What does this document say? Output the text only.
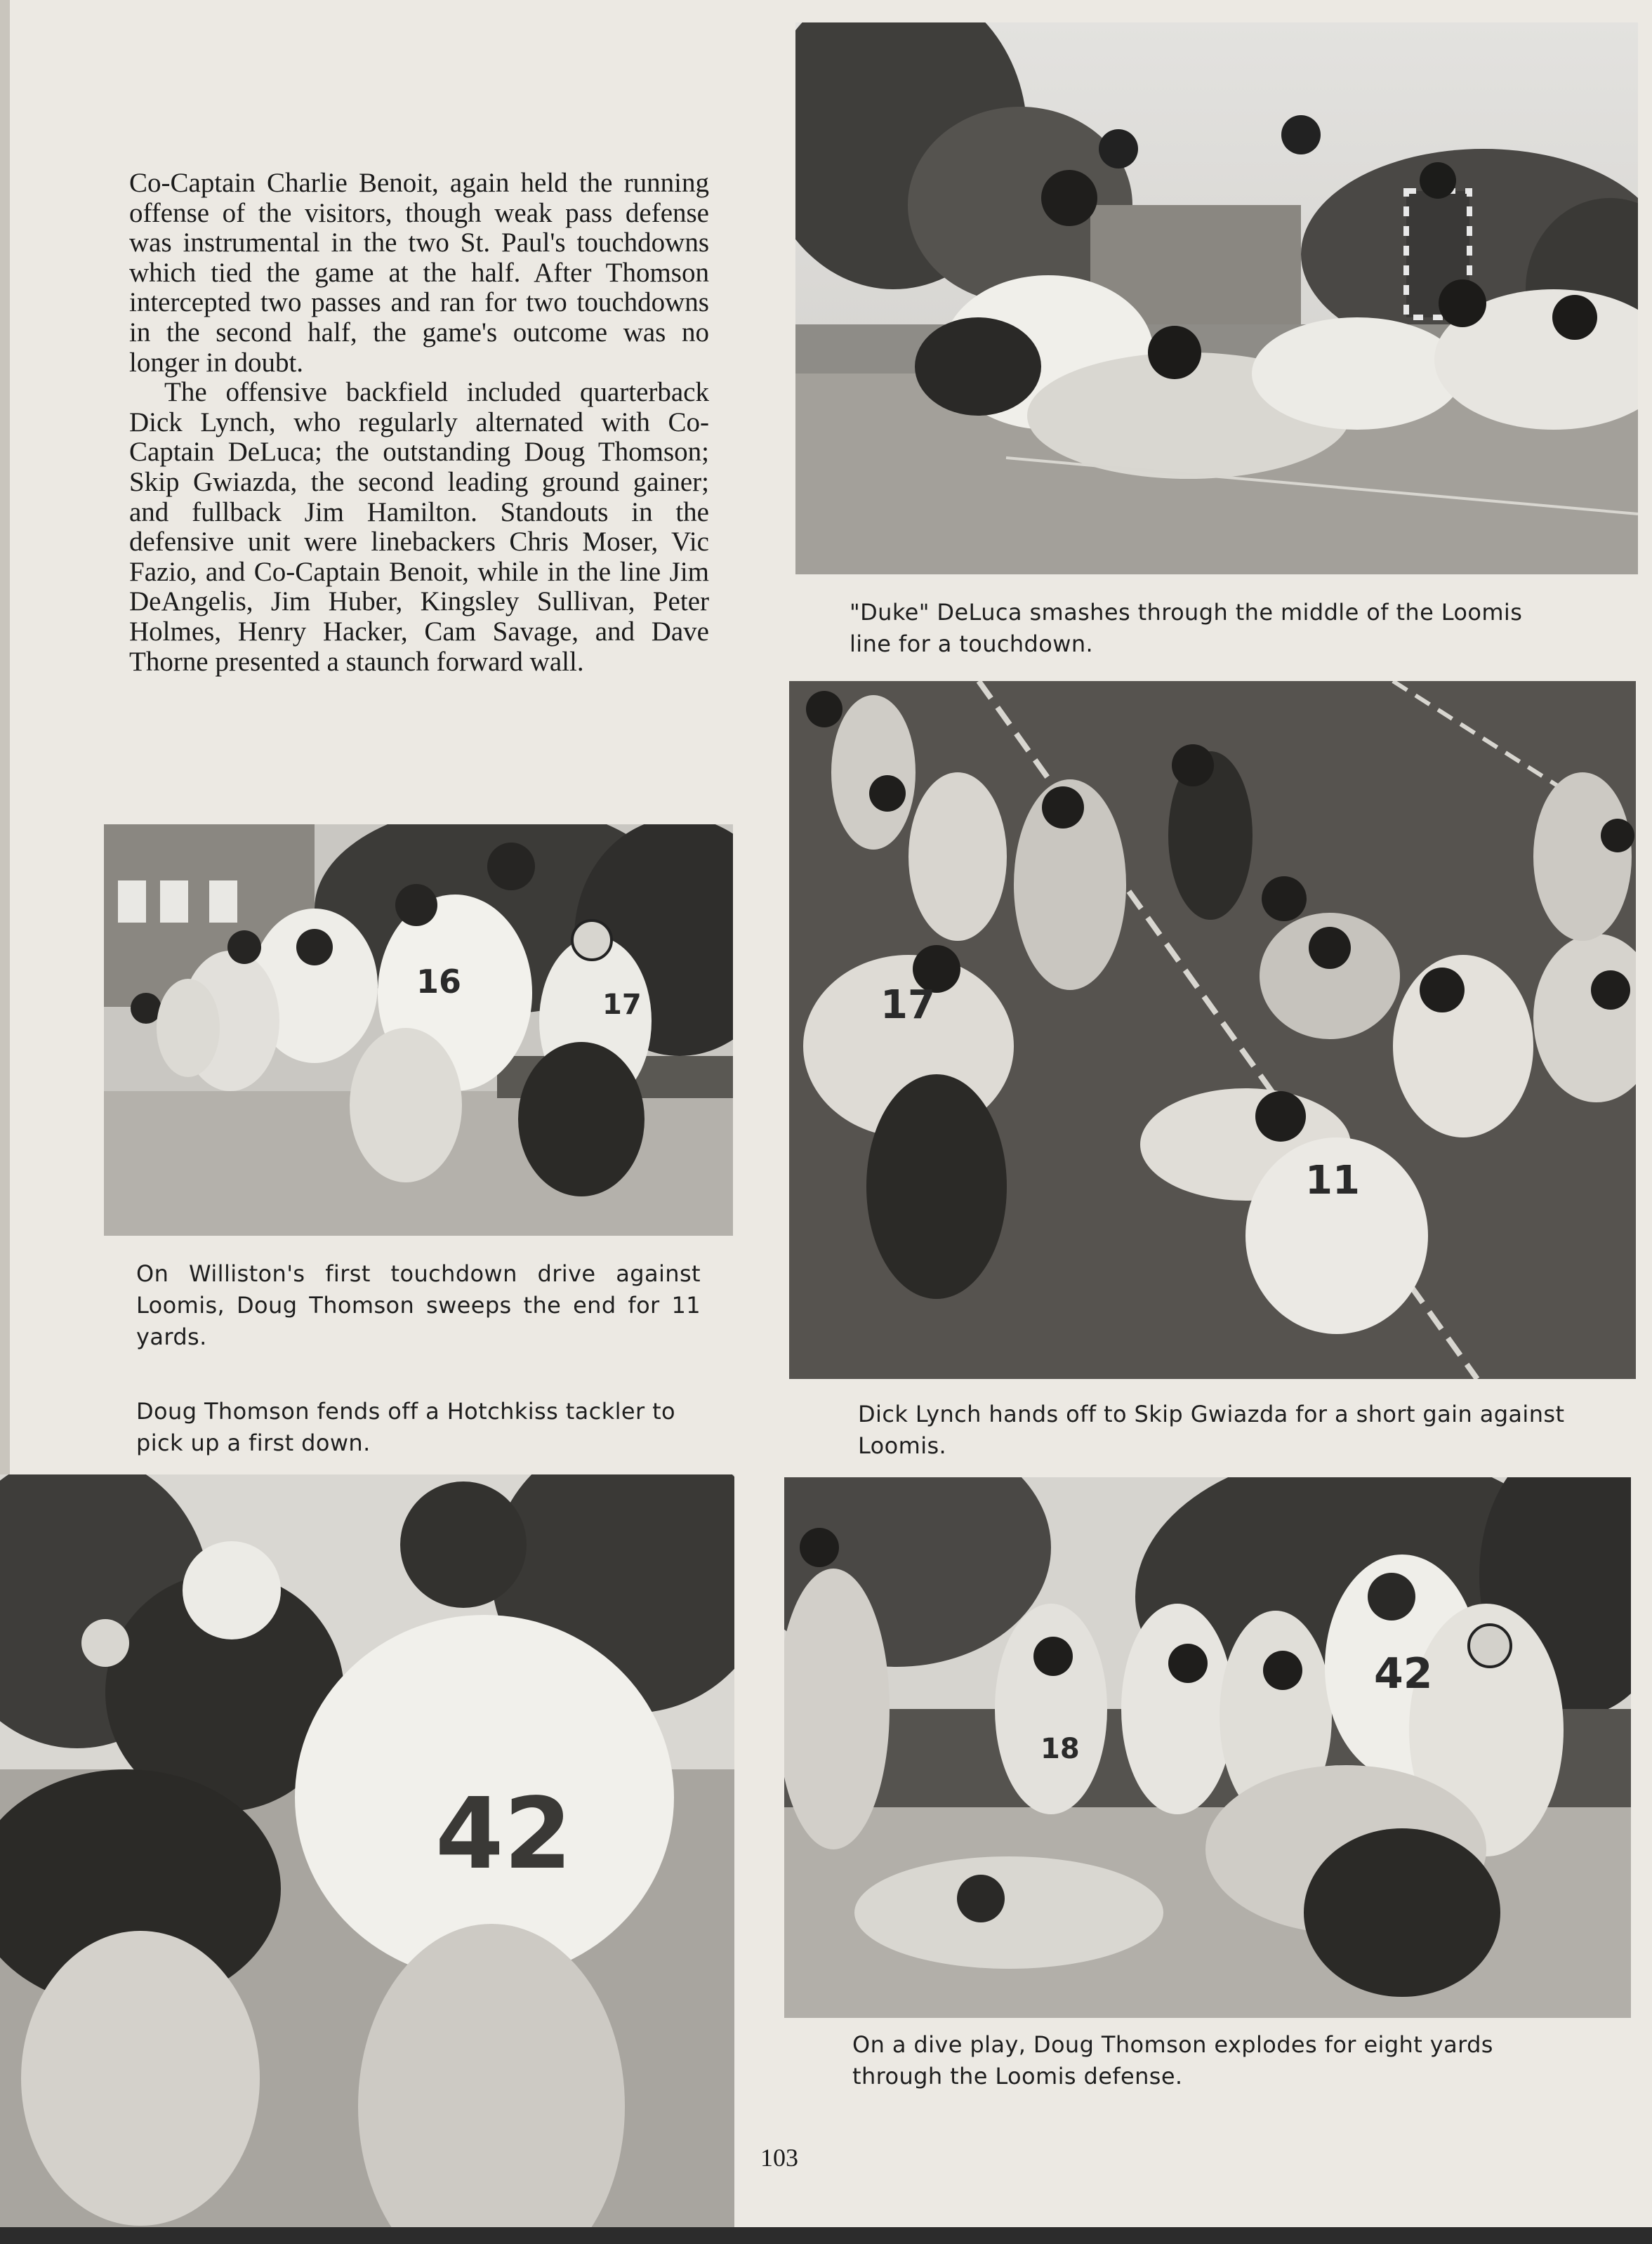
Co-Captain Charlie Benoit, again held the running offense of the visitors, though weak pass defense was instrumental in the two St. Paul's touchdowns which tied the game at the half. After Thomson intercepted two passes and ran for two touchdowns in the second half, the game's outcome was no longer in doubt.

The offensive backfield included quarterback Dick Lynch, who regularly alternated with Co-Captain DeLuca; the outstanding Doug Thomson; Skip Gwiazda, the second leading ground gainer; and fullback Jim Hamilton. Standouts in the defensive unit were linebackers Chris Moser, Vic Fazio, and Co-Captain Benoit, while in the line Jim DeAngelis, Jim Huber, Kingsley Sullivan, Peter Holmes, Henry Hacker, Cam Savage, and Dave Thorne presented a staunch forward wall.

"Duke" DeLuca smashes through the middle of the Loomis line for a touchdown.
16
17
On Williston's first touchdown drive against Loomis, Doug Thomson sweeps the end for 11 yards.
17
11
Dick Lynch hands off to Skip Gwiazda for a short gain against Loomis.
Doug Thomson fends off a Hotchkiss tackler to pick up a first down.
42
18
42
On a dive play, Doug Thomson explodes for eight yards through the Loomis defense.
103
